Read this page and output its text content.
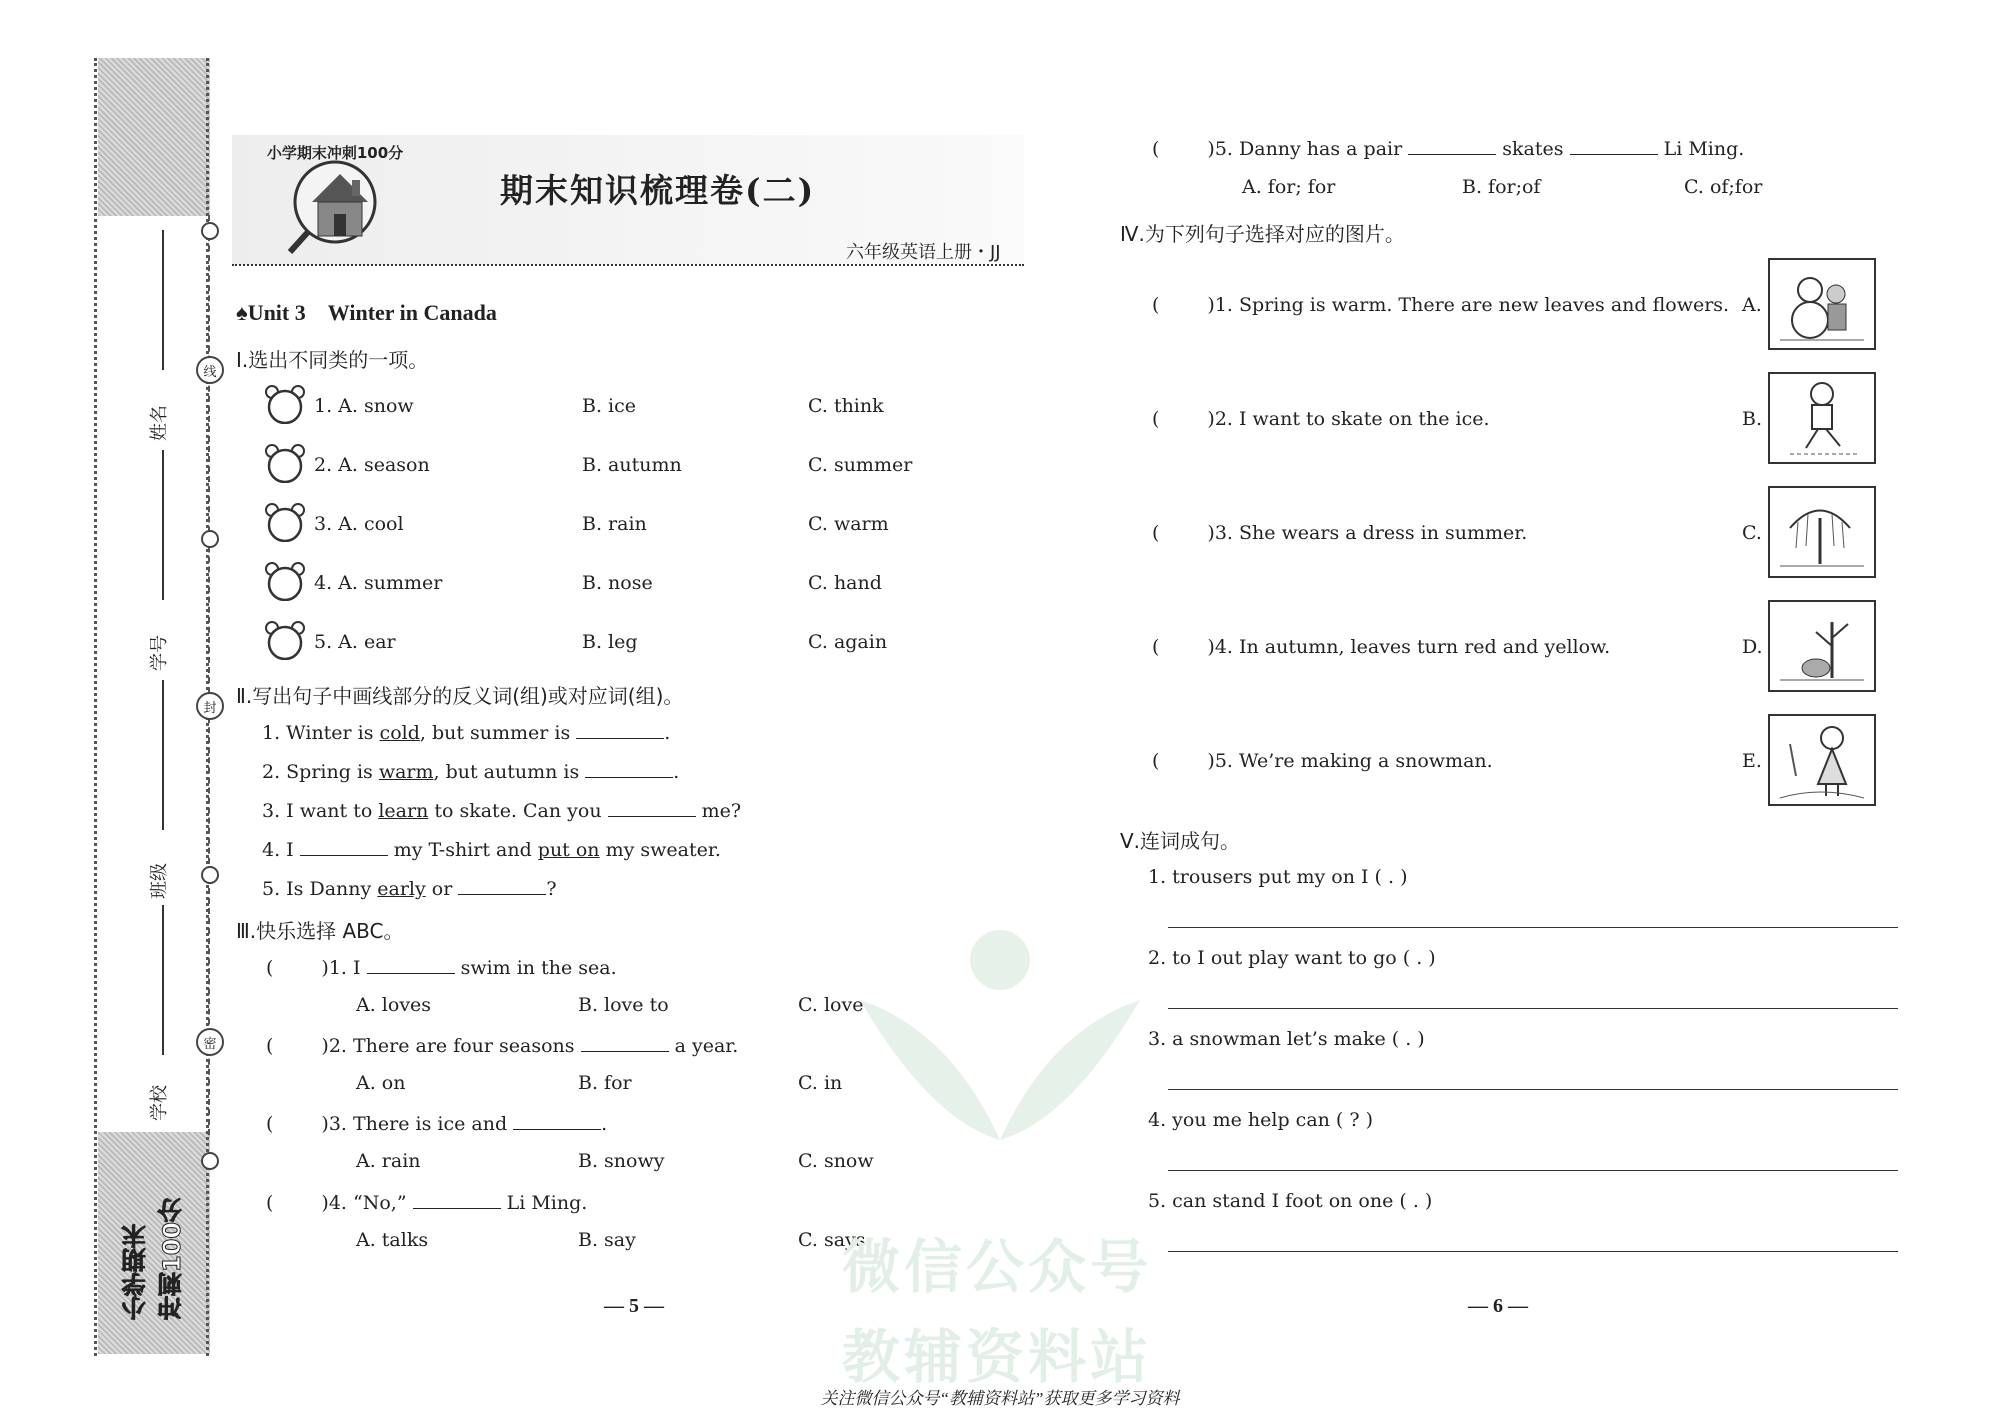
小学期末 冲刺100分
线
封
密
姓名
学号
班级
学校
小学期末冲刺100分
期末知识梳理卷(二)
六年级英语上册・JJ
♠Unit 3 Winter in Canada
Ⅰ.选出不同类的一项。
1. A. snow	B. ice	C. think
2. A. season	B. autumn	C. summer
3. A. cool	B. rain	C. warm
4. A. summer	B. nose	C. hand
5. A. ear	B. leg	C. again
Ⅱ.写出句子中画线部分的反义词(组)或对应词(组)。
1. Winter is cold, but summer is	.
2. Spring is warm, but autumn is	.
3. I want to learn to skate. Can you	me?
4. I	my T-shirt and put on my sweater.
5. Is Danny early or	?
Ⅲ.快乐选择 ABC。
(	)1. I	swim in the sea.
A. loves	B. love to	C. love
(	)2. There are four seasons	a year.
A. on	B. for	C. in
(	)3. There is ice and	.
A. rain	B. snowy	C. snow
(	)4. “No,”	Li Ming.
A. talks	B. say	C. says
— 5 —
(	)5. Danny has a pair	skates	Li Ming.
A. for; for	B. for;of	C. of;for
Ⅳ.为下列句子选择对应的图片。
(	)1. Spring is warm. There are new leaves and flowers. A.
(	)2. I want to skate on the ice.	B.
(	)3. She wears a dress in summer.	C.
(	)4. In autumn, leaves turn red and yellow.	D.
(	)5. We’re making a snowman.	E.
Ⅴ.连词成句。
1. trousers put my on I ( . )
2. to I out play want to go ( . )
3. a snowman let’s make ( . )
4. you me help can ( ? )
5. can stand I foot on one ( . )
— 6 —
微信公众号
教辅资料站
关注微信公众号“教辅资料站”获取更多学习资料
